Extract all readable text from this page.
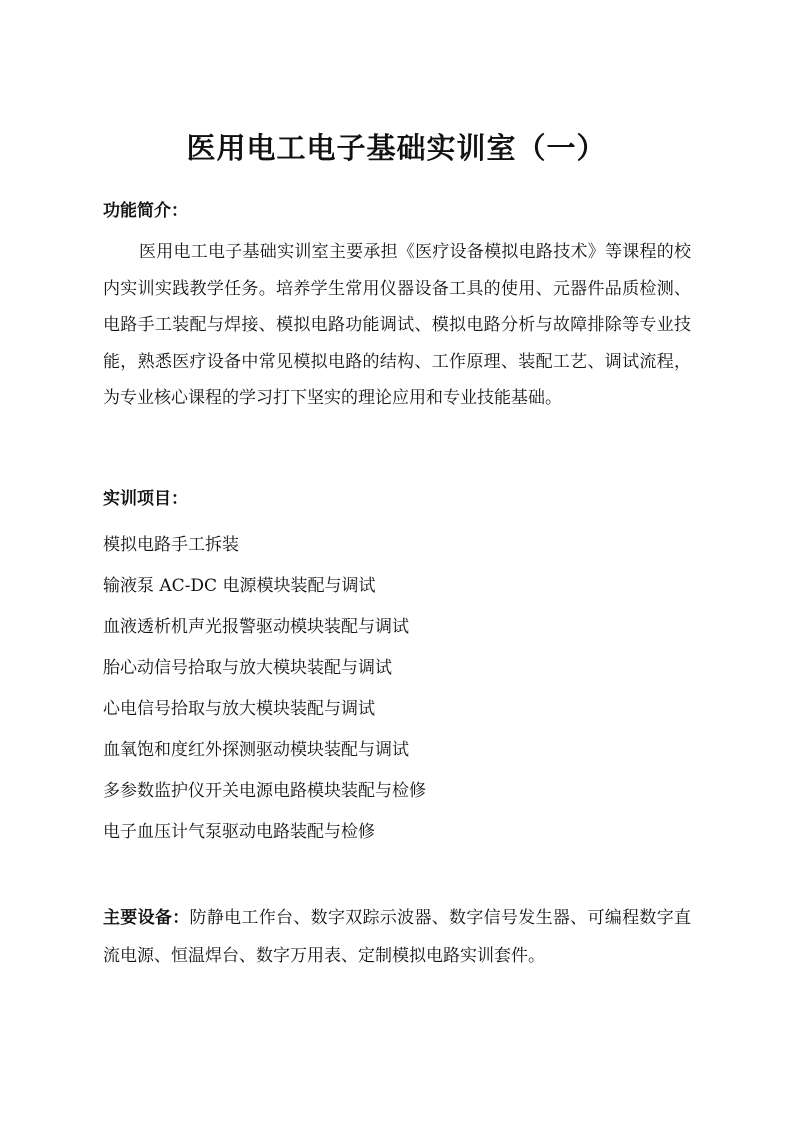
医用电工电子基础实训室（一）
功能简介：

医用电工电子基础实训室主要承担《医疗设备模拟电路技术》等课程的校内实训实践教学任务。培养学生常用仪器设备工具的使用、元器件品质检测、电路手工装配与焊接、模拟电路功能调试、模拟电路分析与故障排除等专业技能，熟悉医疗设备中常见模拟电路的结构、工作原理、装配工艺、调试流程，为专业核心课程的学习打下坚实的理论应用和专业技能基础。

实训项目：
模拟电路手工拆装
输液泵 AC-DC 电源模块装配与调试
血液透析机声光报警驱动模块装配与调试
胎心动信号拾取与放大模块装配与调试
心电信号拾取与放大模块装配与调试
血氧饱和度红外探测驱动模块装配与调试
多参数监护仪开关电源电路模块装配与检修
电子血压计气泵驱动电路装配与检修

主要设备：防静电工作台、数字双踪示波器、数字信号发生器、可编程数字直流电源、恒温焊台、数字万用表、定制模拟电路实训套件。
